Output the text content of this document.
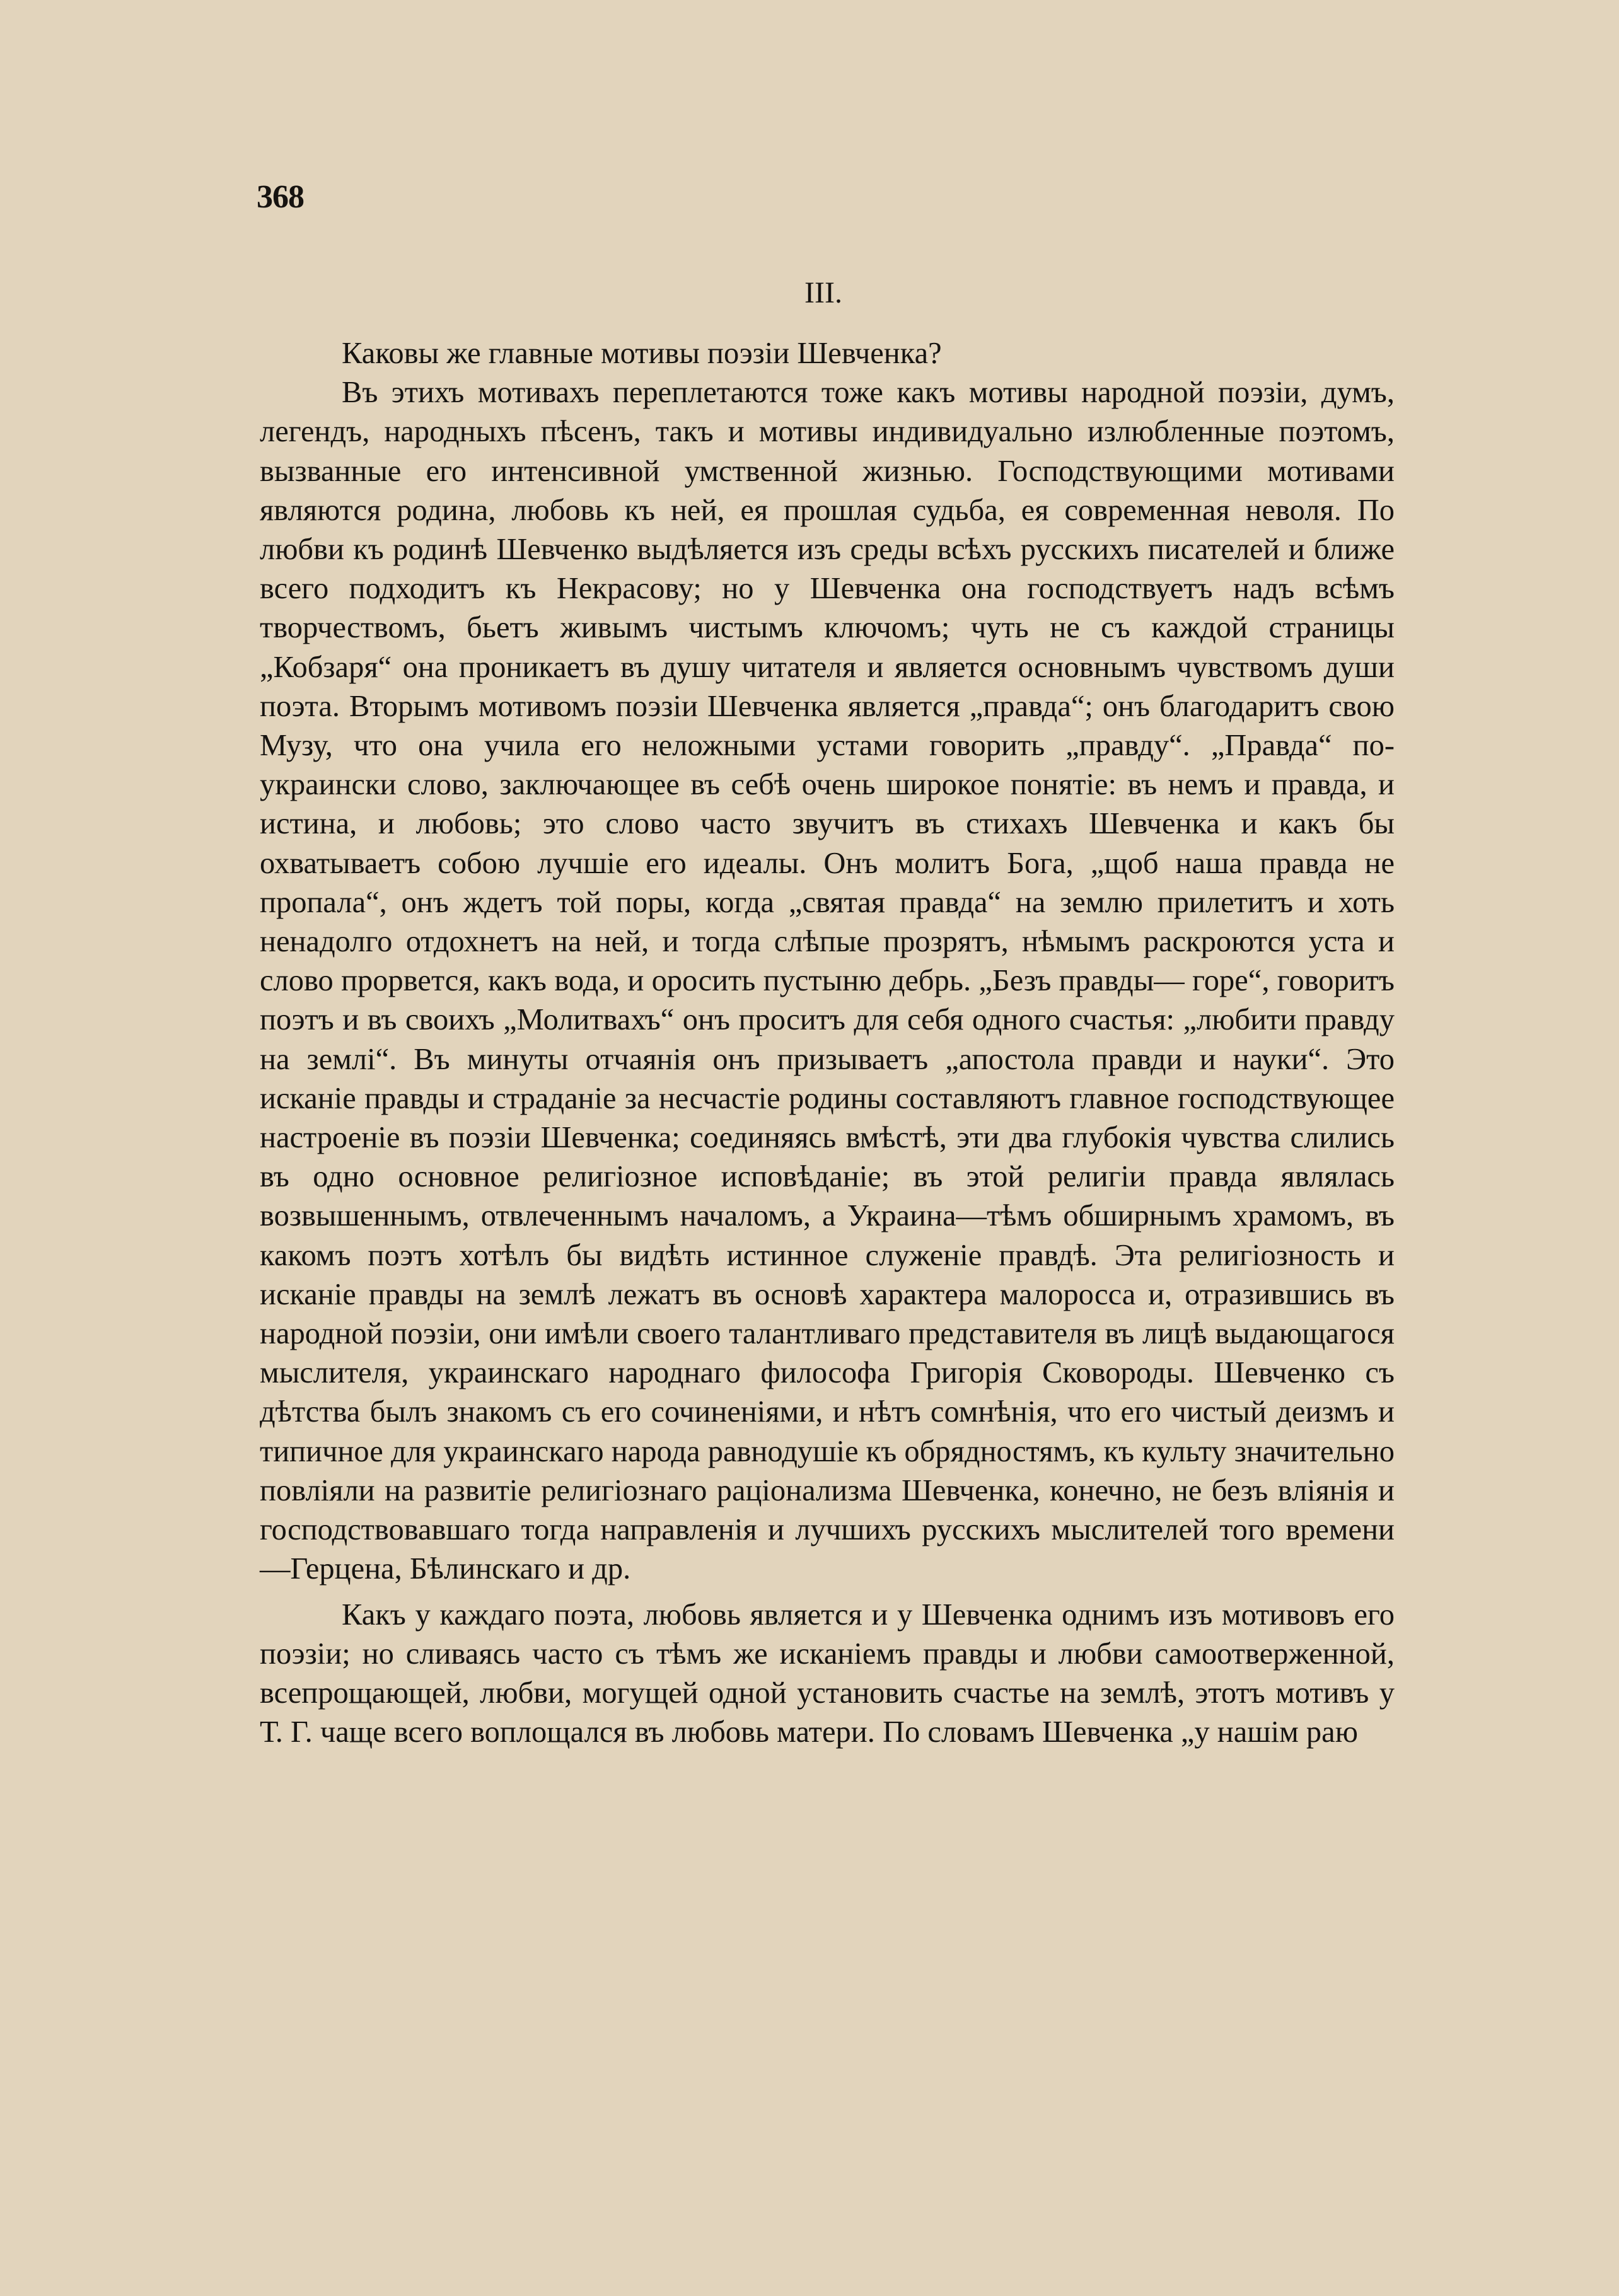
368
III.

Каковы же главные мотивы поэзіи Шевченка?

Въ этихъ мотивахъ переплетаются тоже какъ мотивы народной поэзіи, думъ, легендъ, народныхъ пѣсенъ, такъ и мотивы индивидуально излюбленные поэтомъ, вызванные его интенсивной умственной жизнью. Господствующими мотивами являются родина, любовь къ ней, ея прошлая судьба, ея современная неволя. По любви къ родинѣ Шевченко выдѣляется изъ среды всѣхъ русскихъ писателей и ближе всего подходитъ къ Некрасову; но у Шевченка она господствуетъ надъ всѣмъ творчествомъ, бьетъ живымъ чистымъ ключомъ; чуть не съ каждой страницы „Кобзаря“ она проникаетъ въ душу читателя и является основнымъ чувствомъ души поэта. Вторымъ мотивомъ поэзіи Шевченка является „правда“; онъ благодаритъ свою Музу, что она учила его неложными устами говорить „правду“. „Правда“ по-украински слово, заключающее въ себѣ очень широкое понятіе: въ немъ и правда, и истина, и любовь; это слово часто звучитъ въ стихахъ Шевченка и какъ бы охватываетъ собою лучшіе его идеалы. Онъ молитъ Бога, „щоб наша правда не пропала“, онъ ждетъ той поры, когда „святая правда“ на землю прилетитъ и хоть ненадолго отдохнетъ на ней, и тогда слѣпые прозрятъ, нѣмымъ раскроются уста и слово прорвется, какъ вода, и оросить пустыню дебрь. „Безъ правды— горе“, говоритъ поэтъ и въ своихъ „Молитвахъ“ онъ проситъ для себя одного счастья: „любити правду на землі“. Въ минуты отчаянія онъ призываетъ „апостола правди и науки“. Это исканіе правды и страданіе за несчастіе родины составляютъ главное господствующее настроеніе въ поэзіи Шевченка; соединяясь вмѣстѣ, эти два глубокія чувства слились въ одно основное религіозное исповѣданіе; въ этой религіи правда являлась возвышеннымъ, отвлеченнымъ началомъ, а Украина—тѣмъ обширнымъ храмомъ, въ какомъ поэтъ хотѣлъ бы видѣть истинное служеніе правдѣ. Эта религіозность и исканіе правды на землѣ лежатъ въ основѣ характера малоросса и, отразившись въ народной поэзіи, они имѣли своего талантливаго представителя въ лицѣ выдающагося мыслителя, украинскаго народнаго философа Григорія Сковороды. Шевченко съ дѣтства былъ знакомъ съ его сочиненіями, и нѣтъ сомнѣнія, что его чистый деизмъ и типичное для украинскаго народа равнодушіе къ обрядностямъ, къ культу значительно повліяли на развитіе религіознаго раціонализма Шевченка, конечно, не безъ вліянія и господствовавшаго тогда направленія и лучшихъ русскихъ мыслителей того времени—Герцена, Бѣлинскаго и др.

Какъ у каждаго поэта, любовь является и у Шевченка однимъ изъ мотивовъ его поэзіи; но сливаясь часто съ тѣмъ же исканіемъ правды и любви самоотверженной, всепрощающей, любви, могущей одной установить счастье на землѣ, этотъ мотивъ у Т. Г. чаще всего воплощался въ любовь матери. По словамъ Шевченка „у нашім раю
